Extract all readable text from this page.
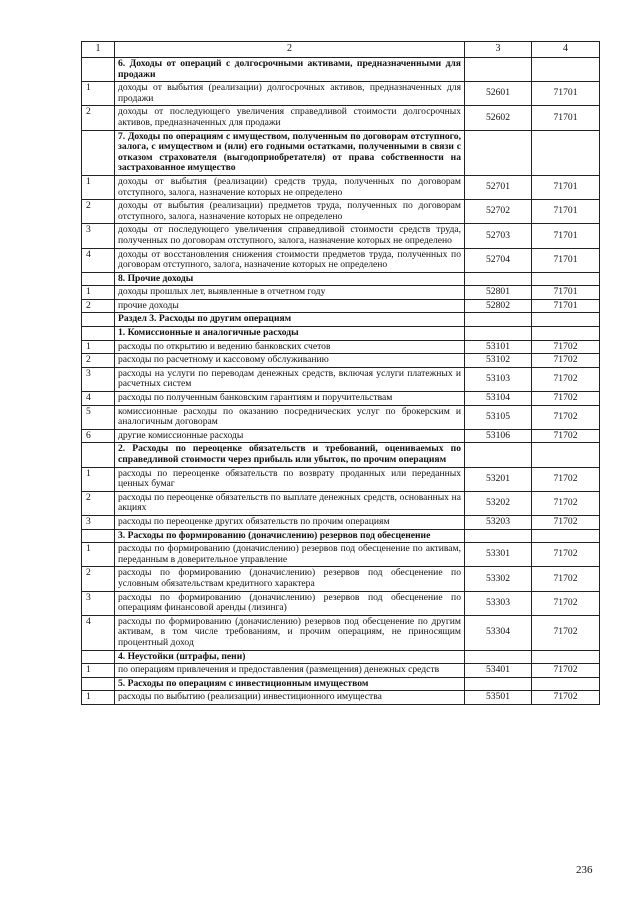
1	2	3	4
	6. Доходы от операций с долгосрочными активами, предназначенными для продажи		
1	доходы от выбытия (реализации) долгосрочных активов, предназначенных для продажи	52601	71701
2	доходы от последующего увеличения справедливой стоимости долгосрочных активов, предназначенных для продажи	52602	71701
	7. Доходы по операциям с имуществом, полученным по договорам отступного, залога, с имуществом и (или) его годными остатками, полученными в связи с отказом страхователя (выгодоприобретателя) от права собственности на застрахованное имущество		
1	доходы от выбытия (реализации) средств труда, полученных по договорам отступного, залога, назначение которых не определено	52701	71701
2	доходы от выбытия (реализации) предметов труда, полученных по договорам отступного, залога, назначение которых не определено	52702	71701
3	доходы от последующего увеличения справедливой стоимости средств труда, полученных по договорам отступного, залога, назначение которых не определено	52703	71701
4	доходы от восстановления снижения стоимости предметов труда, полученных по договорам отступного, залога, назначение которых не определено	52704	71701
	8. Прочие доходы		
1	доходы прошлых лет, выявленные в отчетном году	52801	71701
2	прочие доходы	52802	71701
	Раздел 3. Расходы по другим операциям		
	1. Комиссионные и аналогичные расходы		
1	расходы по открытию и ведению банковских счетов	53101	71702
2	расходы по расчетному и кассовому обслуживанию	53102	71702
3	расходы на услуги по переводам денежных средств, включая услуги платежных и расчетных систем	53103	71702
4	расходы по полученным банковским гарантиям и поручительствам	53104	71702
5	комиссионные расходы по оказанию посреднических услуг по брокерским и аналогичным договорам	53105	71702
6	другие комиссионные расходы	53106	71702
	2. Расходы по переоценке обязательств и требований, оцениваемых по справедливой стоимости через прибыль или убыток, по прочим операциям		
1	расходы по переоценке обязательств по возврату проданных или переданных ценных бумаг	53201	71702
2	расходы по переоценке обязательств по выплате денежных средств, основанных на акциях	53202	71702
3	расходы по переоценке других обязательств по прочим операциям	53203	71702
	3. Расходы по формированию (доначислению) резервов под обесценение		
1	расходы по формированию (доначислению) резервов под обесценение по активам, переданным в доверительное управление	53301	71702
2	расходы по формированию (доначислению) резервов под обесценение по условным обязательствам кредитного характера	53302	71702
3	расходы по формированию (доначислению) резервов под обесценение по операциям финансовой аренды (лизинга)	53303	71702
4	расходы по формированию (доначислению) резервов под обесценение по другим активам, в том числе требованиям, и прочим операциям, не приносящим процентный доход	53304	71702
	4. Неустойки (штрафы, пени)		
1	по операциям привлечения и предоставления (размещения) денежных средств	53401	71702
	5. Расходы по операциям с инвестиционным имуществом		
1	расходы по выбытию (реализации) инвестиционного имущества	53501	71702
236
